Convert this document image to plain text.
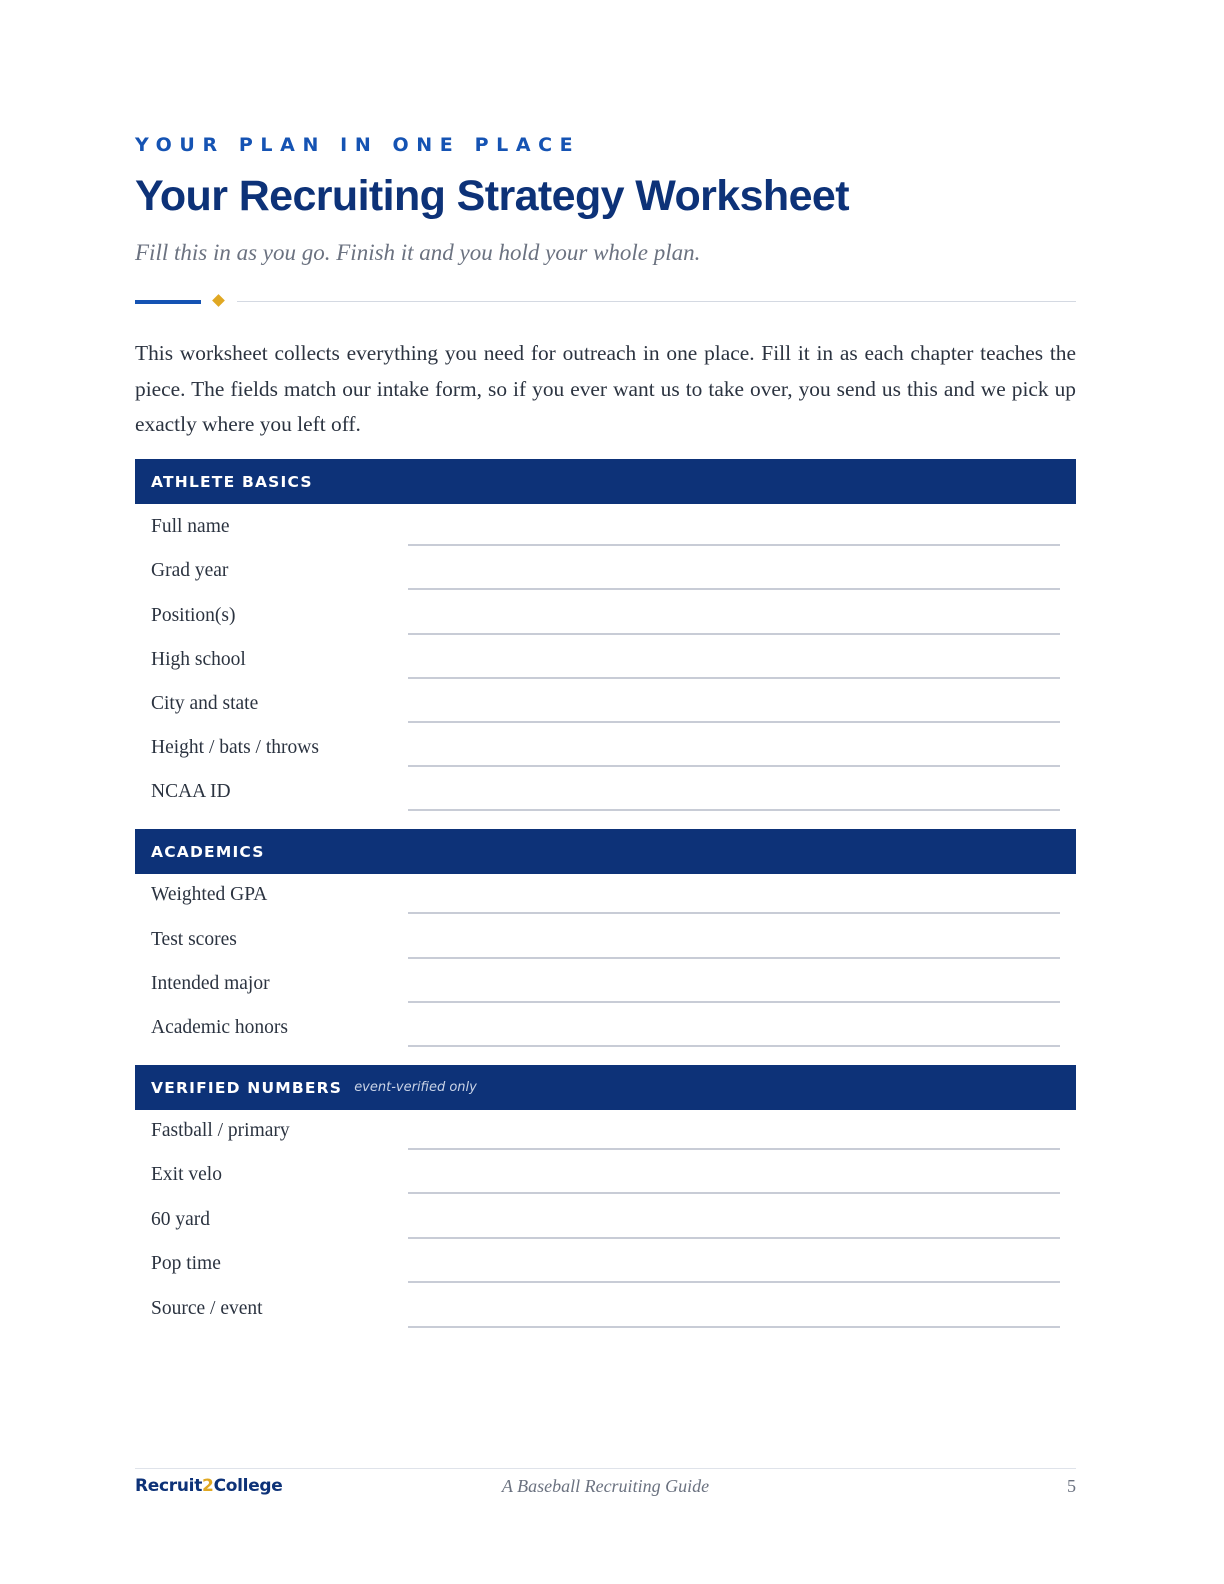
YOUR PLAN IN ONE PLACE
Your Recruiting Strategy Worksheet
Fill this in as you go. Finish it and you hold your whole plan.

This worksheet collects everything you need for outreach in one place. Fill it in as each chapter teaches the piece. The fields match our intake form, so if you ever want us to take over, you send us this and we pick up exactly where you left off.

ATHLETE BASICS
Full name
Grad year
Position(s)
High school
City and state
Height / bats / throws
NCAA ID
ACADEMICS
Weighted GPA
Test scores
Intended major
Academic honors
VERIFIED NUMBERS event-verified only
Fastball / primary
Exit velo
60 yard
Pop time
Source / event
Recruit2College	A Baseball Recruiting Guide	5
